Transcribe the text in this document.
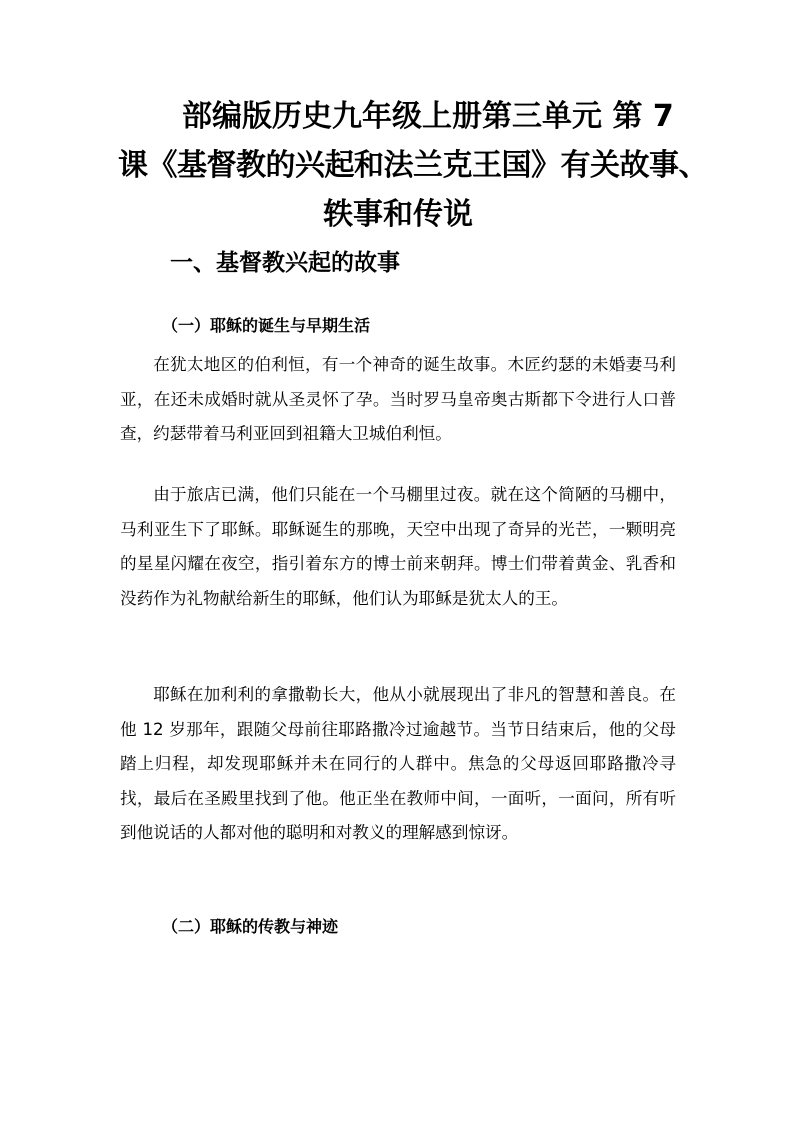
部编版历史九年级上册第三单元 第 7
课《基督教的兴起和法兰克王国》有关故事、
轶事和传说
一、基督教兴起的故事
（一）耶稣的诞生与早期生活

在犹太地区的伯利恒，有一个神奇的诞生故事。木匠约瑟的未婚妻马利亚，在还未成婚时就从圣灵怀了孕。当时罗马皇帝奥古斯都下令进行人口普查，约瑟带着马利亚回到祖籍大卫城伯利恒。

由于旅店已满，他们只能在一个马棚里过夜。就在这个简陋的马棚中，马利亚生下了耶稣。耶稣诞生的那晚，天空中出现了奇异的光芒，一颗明亮的星星闪耀在夜空，指引着东方的博士前来朝拜。博士们带着黄金、乳香和没药作为礼物献给新生的耶稣，他们认为耶稣是犹太人的王。

耶稣在加利利的拿撒勒长大，他从小就展现出了非凡的智慧和善良。在他 12 岁那年，跟随父母前往耶路撒冷过逾越节。当节日结束后，他的父母踏上归程，却发现耶稣并未在同行的人群中。焦急的父母返回耶路撒冷寻找，最后在圣殿里找到了他。他正坐在教师中间，一面听，一面问，所有听到他说话的人都对他的聪明和对教义的理解感到惊讶。

（二）耶稣的传教与神迹
